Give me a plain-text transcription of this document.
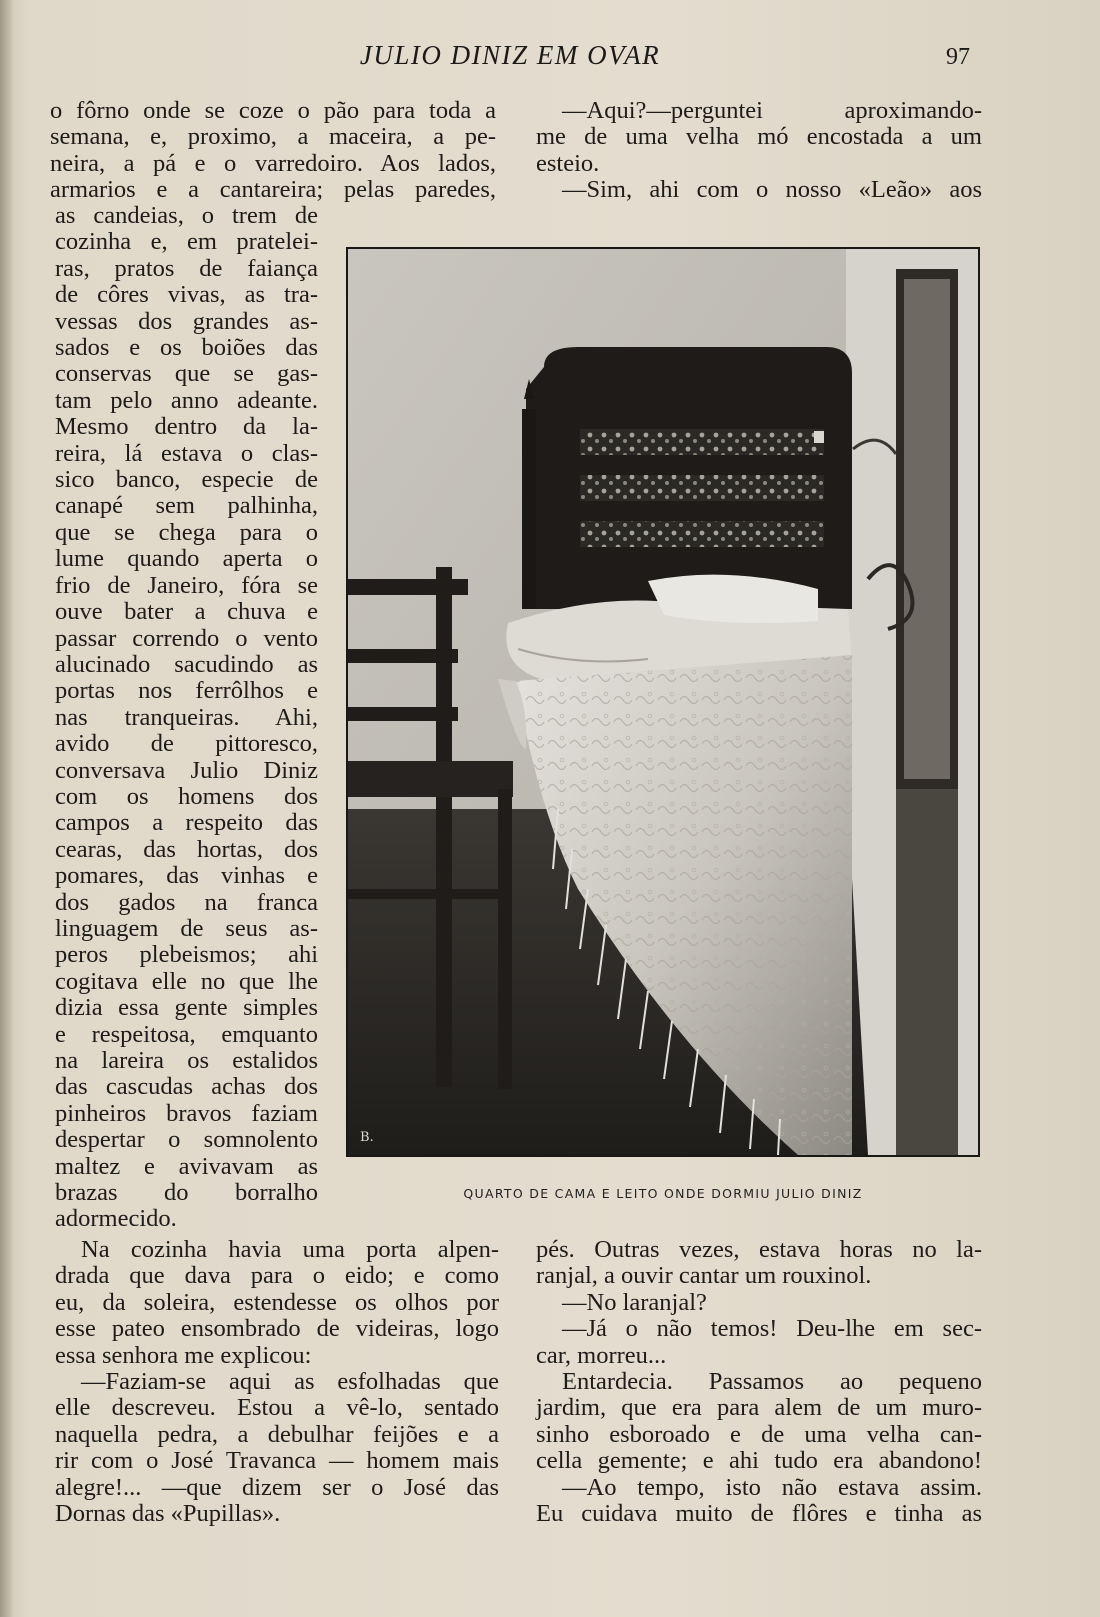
JULIO DINIZ EM OVAR	97
o fôrno onde se coze o pão para toda a
semana, e, proximo, a maceira, a pe-
neira, a pá e o varredoiro. Aos lados,
armarios e a cantareira; pelas paredes,
as candeias, o trem de
cozinha e, em pratelei-
ras, pratos de faiança
de côres vivas, as tra-
vessas dos grandes as-
sados e os boiões das
conservas que se gas-
tam pelo anno adeante.
Mesmo dentro da la-
reira, lá estava o clas-
sico banco, especie de
canapé sem palhinha,
que se chega para o
lume quando aperta o
frio de Janeiro, fóra se
ouve bater a chuva e
passar correndo o vento
alucinado sacudindo as
portas nos ferrôlhos e
nas tranqueiras. Ahi,
avido de pittoresco,
conversava Julio Diniz
com os homens dos
campos a respeito das
cearas, das hortas, dos
pomares, das vinhas e
dos gados na franca
linguagem de seus as-
peros plebeismos; ahi
cogitava elle no que lhe
dizia essa gente simples
e respeitosa, emquanto
na lareira os estalidos
das cascudas achas dos
pinheiros bravos faziam
despertar o somnolento
maltez e avivavam as
brazas do borralho
adormecido.
Na cozinha havia uma porta alpen-
drada que dava para o eido; e como
eu, da soleira, estendesse os olhos por
esse pateo ensombrado de videiras, logo
essa senhora me explicou:
—Faziam-se aqui as esfolhadas que
elle descreveu. Estou a vê-lo, sentado
naquella pedra, a debulhar feijões e a
rir com o José Travanca — homem mais
alegre!... —que dizem ser o José das
Dornas das «Pupillas».
—Aqui?—perguntei aproximando-
me de uma velha mó encostada a um
esteio.
—Sim, ahi com o nosso «Leão» aos
pés. Outras vezes, estava horas no la-
ranjal, a ouvir cantar um rouxinol.
—No laranjal?
—Já o não temos! Deu-lhe em sec-
car, morreu...
Entardecia. Passamos ao pequeno
jardim, que era para alem de um muro-
sinho esboroado e de uma velha can-
cella gemente; e ahi tudo era abandono!
—Ao tempo, isto não estava assim.
Eu cuidava muito de flôres e tinha as
B.
QUARTO DE CAMA E LEITO ONDE DORMIU JULIO DINIZ
